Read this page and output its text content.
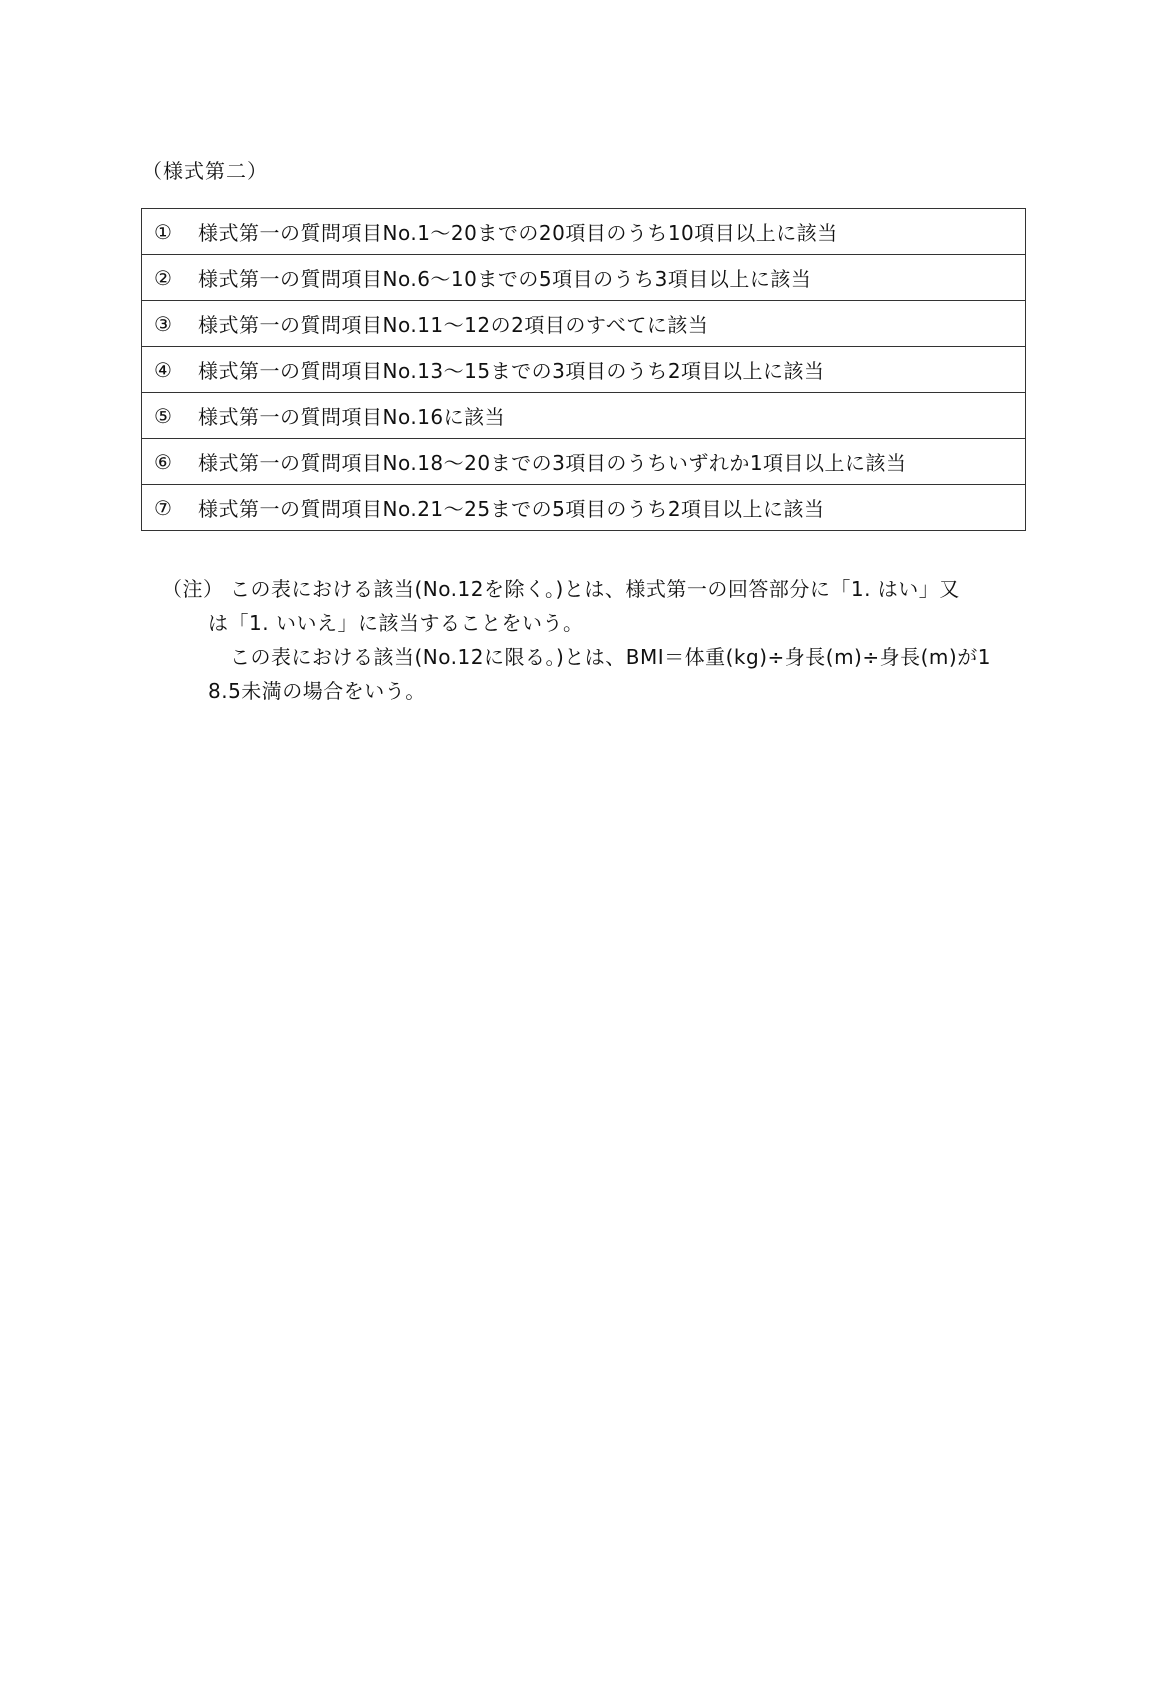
（様式第二）
①	様式第一の質問項目No.1～20までの20項目のうち10項目以上に該当

②	様式第一の質問項目No.6～10までの5項目のうち3項目以上に該当

③	様式第一の質問項目No.11～12の2項目のすべてに該当

④	様式第一の質問項目No.13～15までの3項目のうち2項目以上に該当

⑤	様式第一の質問項目No.16に該当

⑥	様式第一の質問項目No.18～20までの3項目のうちいずれか1項目以上に該当

⑦	様式第一の質問項目No.21～25までの5項目のうち2項目以上に該当
（注） この表における該当(No.12を除く。)とは、様式第一の回答部分に「1. はい」又
は「1. いいえ」に該当することをいう。
この表における該当(No.12に限る。)とは、BMI＝体重(kg)÷身長(m)÷身長(m)が1
8.5未満の場合をいう。
